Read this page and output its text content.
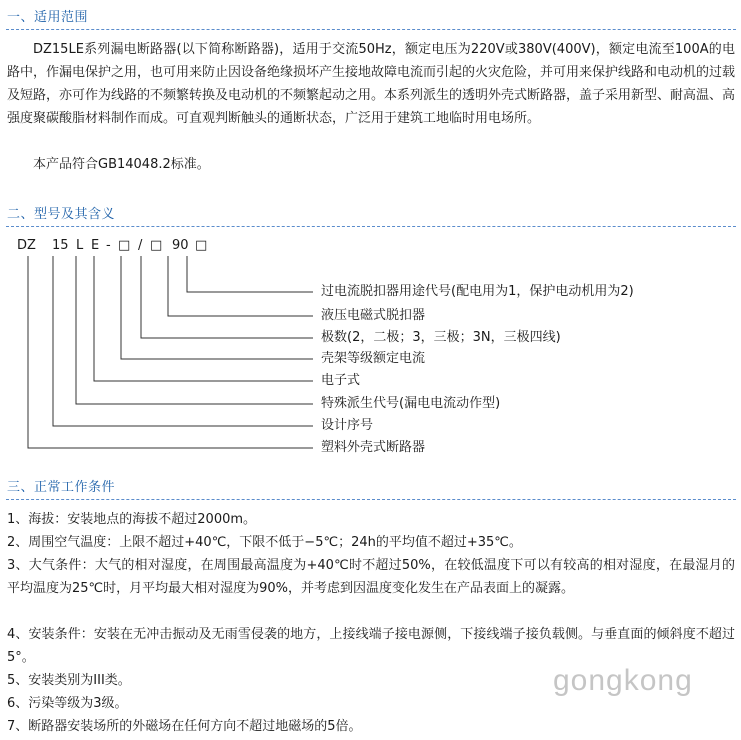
一、适用范围

DZ15LE系列漏电断路器(以下简称断路器)，适用于交流50Hz，额定电压为220V或380V(400V)，额定电流至100A的电路中，作漏电保护之用，也可用来防止因设备绝缘损坏产生接地故障电流而引起的火灾危险，并可用来保护线路和电动机的过载及短路，亦可作为线路的不频繁转换及电动机的不频繁起动之用。本系列派生的透明外壳式断路器，盖子采用新型、耐高温、高强度聚碳酸脂材料制作而成。可直观判断触头的通断状态，广泛用于建筑工地临时用电场所。

本产品符合GB14048.2标准。
二、型号及其含义
DZ 15 L E - □ / □ 90 □
过电流脱扣器用途代号(配电用为1，保护电动机用为2)
液压电磁式脱扣器
极数(2，二极；3，三极；3N，三极四线)
壳架等级额定电流
电子式
特殊派生代号(漏电电流动作型)
设计序号
塑料外壳式断路器
三、正常工作条件

1、海拔：安装地点的海拔不超过2000m。

2、周围空气温度：上限不超过+40℃，下限不低于−5℃；24h的平均值不超过+35℃。

3、大气条件：大气的相对湿度，在周围最高温度为+40℃时不超过50%，在较低温度下可以有较高的相对湿度，在最湿月的平均温度为25℃时，月平均最大相对湿度为90%，并考虑到因温度变化发生在产品表面上的凝露。

4、安装条件：安装在无冲击振动及无雨雪侵袭的地方，上接线端子接电源侧，下接线端子接负载侧。与垂直面的倾斜度不超过5°。

5、安装类别为III类。

6、污染等级为3级。

7、断路器安装场所的外磁场在任何方向不超过地磁场的5倍。

gongkong
